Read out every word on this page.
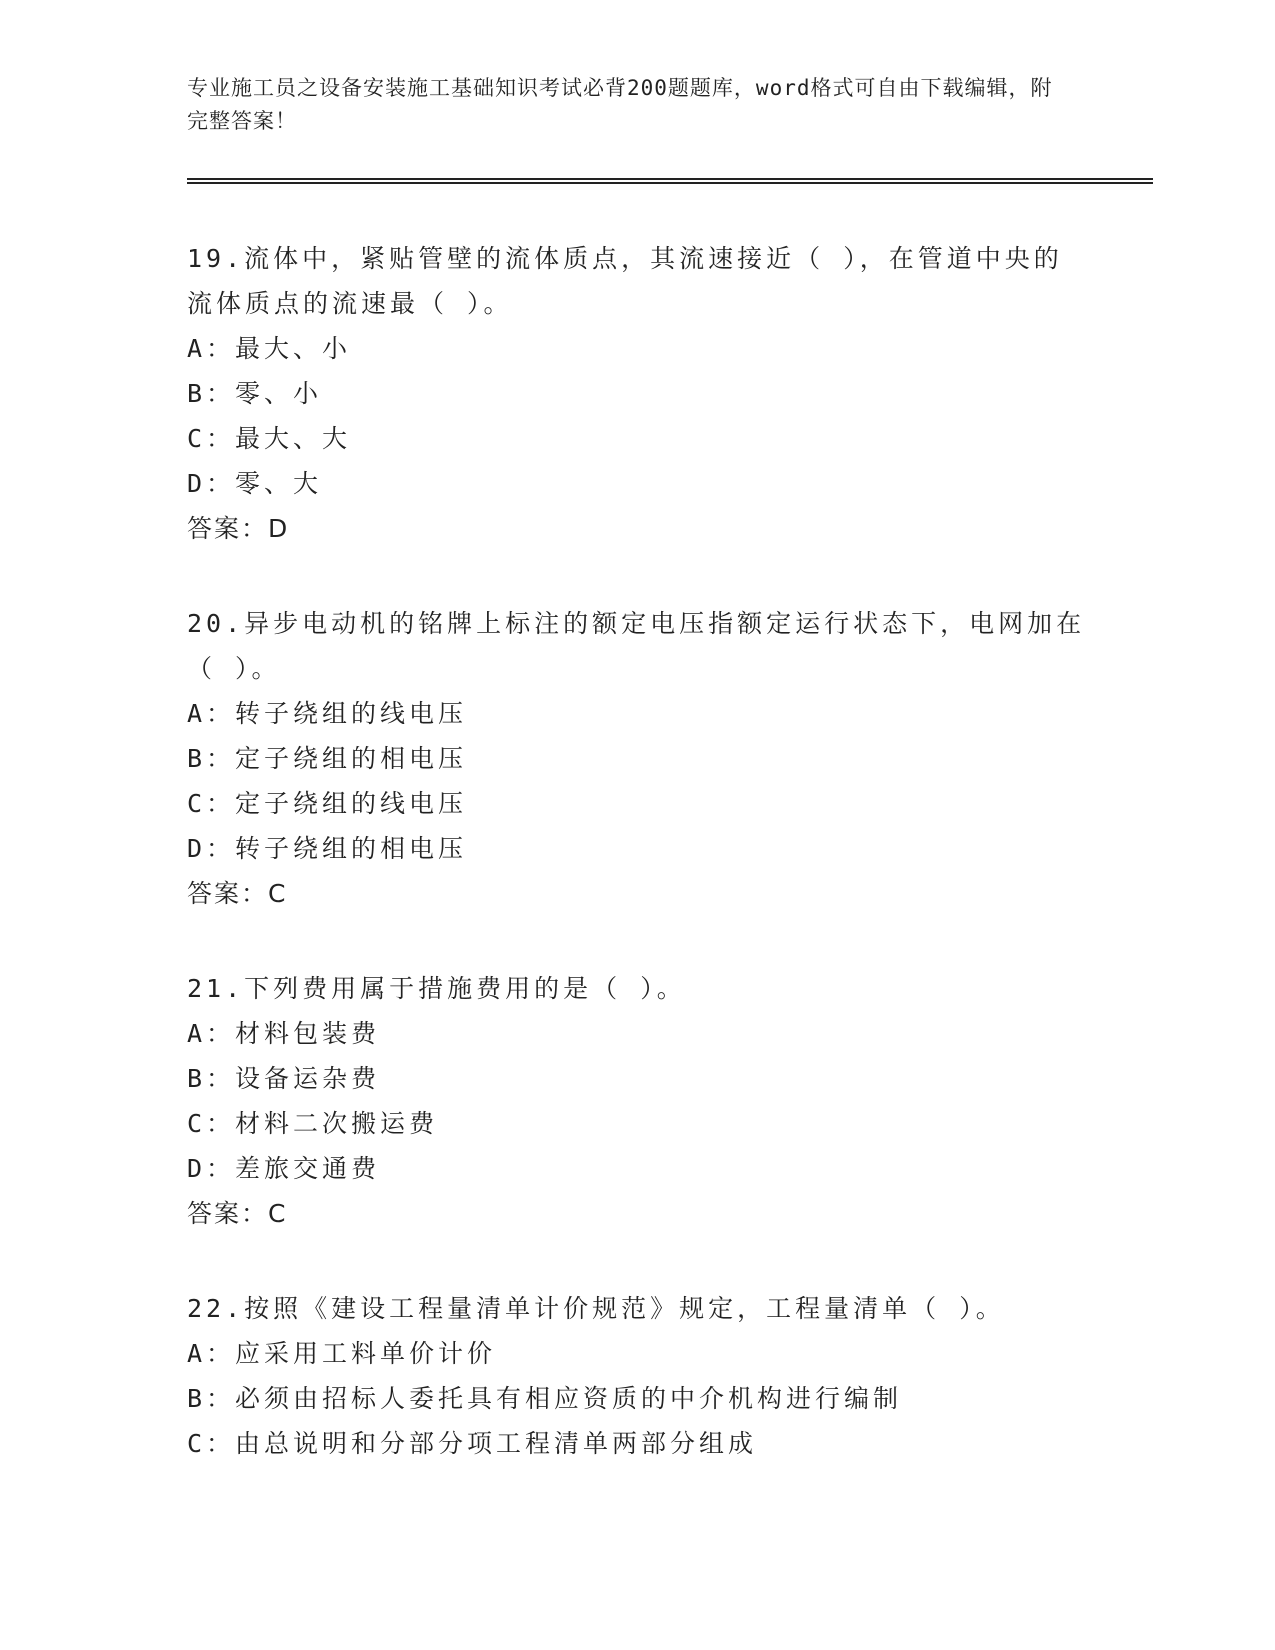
专业施工员之设备安装施工基础知识考试必背200题题库，word格式可自由下载编辑，附完整答案！

19.流体中，紧贴管壁的流体质点，其流速接近（ ），在管道中央的流体质点的流速最（ ）。

A：最大、小

B：零、小

C：最大、大

D：零、大

答案：D

20.异步电动机的铭牌上标注的额定电压指额定运行状态下，电网加在（ ）。

A：转子绕组的线电压

B：定子绕组的相电压

C：定子绕组的线电压

D：转子绕组的相电压

答案：C

21.下列费用属于措施费用的是（ ）。

A：材料包装费

B：设备运杂费

C：材料二次搬运费

D：差旅交通费

答案：C

22.按照《建设工程量清单计价规范》规定，工程量清单（ ）。

A：应采用工料单价计价

B：必须由招标人委托具有相应资质的中介机构进行编制

C：由总说明和分部分项工程清单两部分组成
